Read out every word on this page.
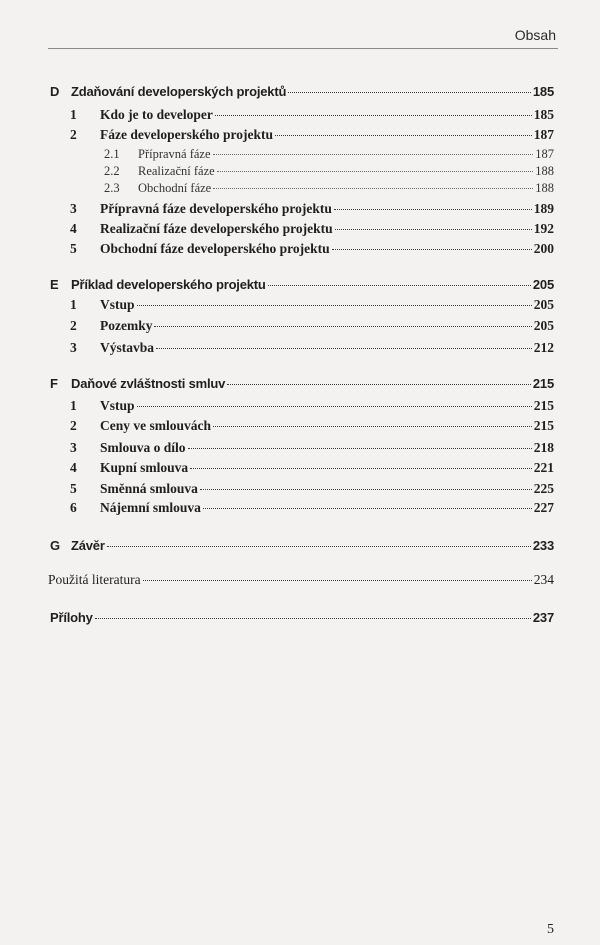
Obsah
D Zdaňování developerských projektů	185
1	Kdo je to developer	185
2	Fáze developerského projektu	187
2.1	Přípravná fáze	187
2.2	Realizační fáze	188
2.3	Obchodní fáze	188
3	Přípravná fáze developerského projektu	189
4	Realizační fáze developerského projektu	192
5	Obchodní fáze developerského projektu	200
E Příklad developerského projektu	205
1	Vstup	205
2	Pozemky	205
3	Výstavba	212
F	Daňové zvláštnosti smluv	215
1	Vstup	215
2	Ceny ve smlouvách	215
3	Smlouva o dílo	218
4	Kupní smlouva	221
5	Směnná smlouva	225
6	Nájemní smlouva	227
G Závěr	233
Použitá literatura	234
Přílohy	237
5
